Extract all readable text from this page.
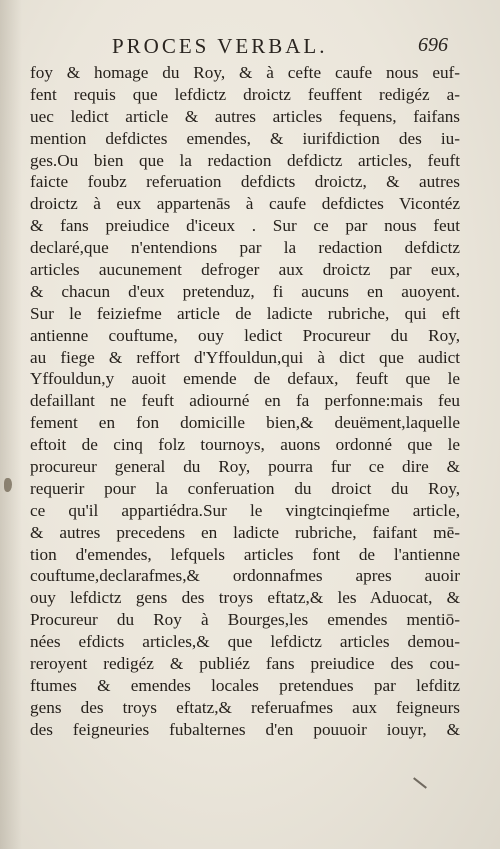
PROCES VERBAL.	696
foy & homage du Roy, & à cefte caufe nous euf-
fent requis que lefdictz droictz feuffent redigéz a-
uec ledict article & autres articles fequens, faifans
mention defdictes emendes, & iurifdiction des iu-
ges.Ou bien que la redaction defdictz articles, feuft
faicte foubz referuation defdicts droictz, & autres
droictz à eux appartenās à caufe defdictes Vicontéz
& fans preiudice d'iceux . Sur ce par nous feut
declaré,que n'entendions par la redaction defdictz
articles aucunement defroger aux droictz par eux,
& chacun d'eux pretenduz, fi aucuns en auoyent.
Sur le feiziefme article de ladicte rubriche, qui eft
antienne couftume, ouy ledict Procureur du Roy,
au fiege & reffort d'Yffouldun,qui à dict que audict
Yffouldun,y auoit emende de defaux, feuft que le
defaillant ne feuft adiourné en fa perfonne:mais feu
fement en fon domicille bien,& deuëment,laquelle
eftoit de cinq folz tournoys, auons ordonné que le
procureur general du Roy, pourra fur ce dire &
requerir pour la conferuation du droict du Roy,
ce qu'il appartiédra.Sur le vingtcinqiefme article,
& autres precedens en ladicte rubriche, faifant mē-
tion d'emendes, lefquels articles font de l'antienne
couftume,declarafmes,& ordonnafmes apres auoir
ouy lefdictz gens des troys eftatz,& les Aduocat, &
Procureur du Roy à Bourges,les emendes mentiō-
nées efdicts articles,& que lefdictz articles demou-
reroyent redigéz & publiéz fans preiudice des cou-
ftumes & emendes locales pretendues par lefditz
gens des troys eftatz,& referuafmes aux feigneurs
des feigneuries fubalternes d'en pouuoir iouyr, &
